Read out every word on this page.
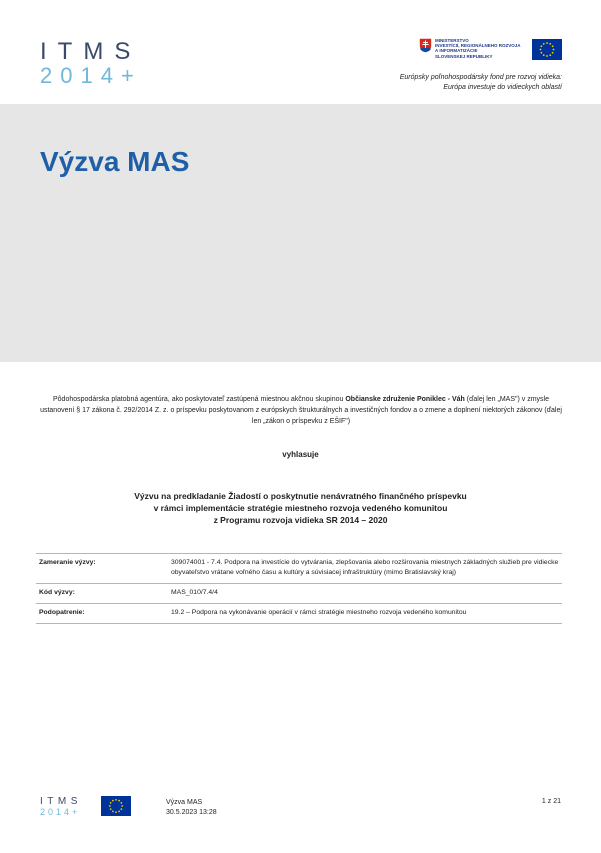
ITMS
2014+
MINISTERSTVO
INVESTÍCIÍ, REGIONÁLNEHO ROZVOJA
A INFORMATIZÁCIE
SLOVENSKEJ REPUBLIKY
Európsky poľnohospodársky fond pre rozvoj vidieka:
Európa investuje do vidieckych oblastí
Výzva MAS
Pôdohospodárska platobná agentúra, ako poskytovateľ zastúpená miestnou akčnou skupinou Občianske združenie Poniklec - Váh (ďalej len „MAS") v zmysle ustanovení § 17 zákona č. 292/2014 Z. z. o príspevku poskytovanom z európskych štrukturálnych a investičných fondov a o zmene a doplnení niektorých zákonov (ďalej len „zákon o príspevku z EŠIF")
vyhlasuje
Výzvu na predkladanie Žiadostí o poskytnutie nenávratného finančného príspevku
v rámci implementácie stratégie miestneho rozvoja vedeného komunitou
z Programu rozvoja vidieka SR 2014 – 2020
Zameranie výzvy:	309074001 - 7.4. Podpora na investície do vytvárania, zlepšovania alebo rozširovania miestnych základných služieb pre vidiecke obyvateľstvo vrátane voľného času a kultúry a súvisiacej infraštruktúry (mimo Bratislavský kraj)
Kód výzvy:	MAS_010/7.4/4
Podopatrenie:	19.2 – Podpora na vykonávanie operácií v rámci stratégie miestneho rozvoja vedeného komunitou
ITMS
2014+
Výzva MAS
30.5.2023 13:28
1 z 21
